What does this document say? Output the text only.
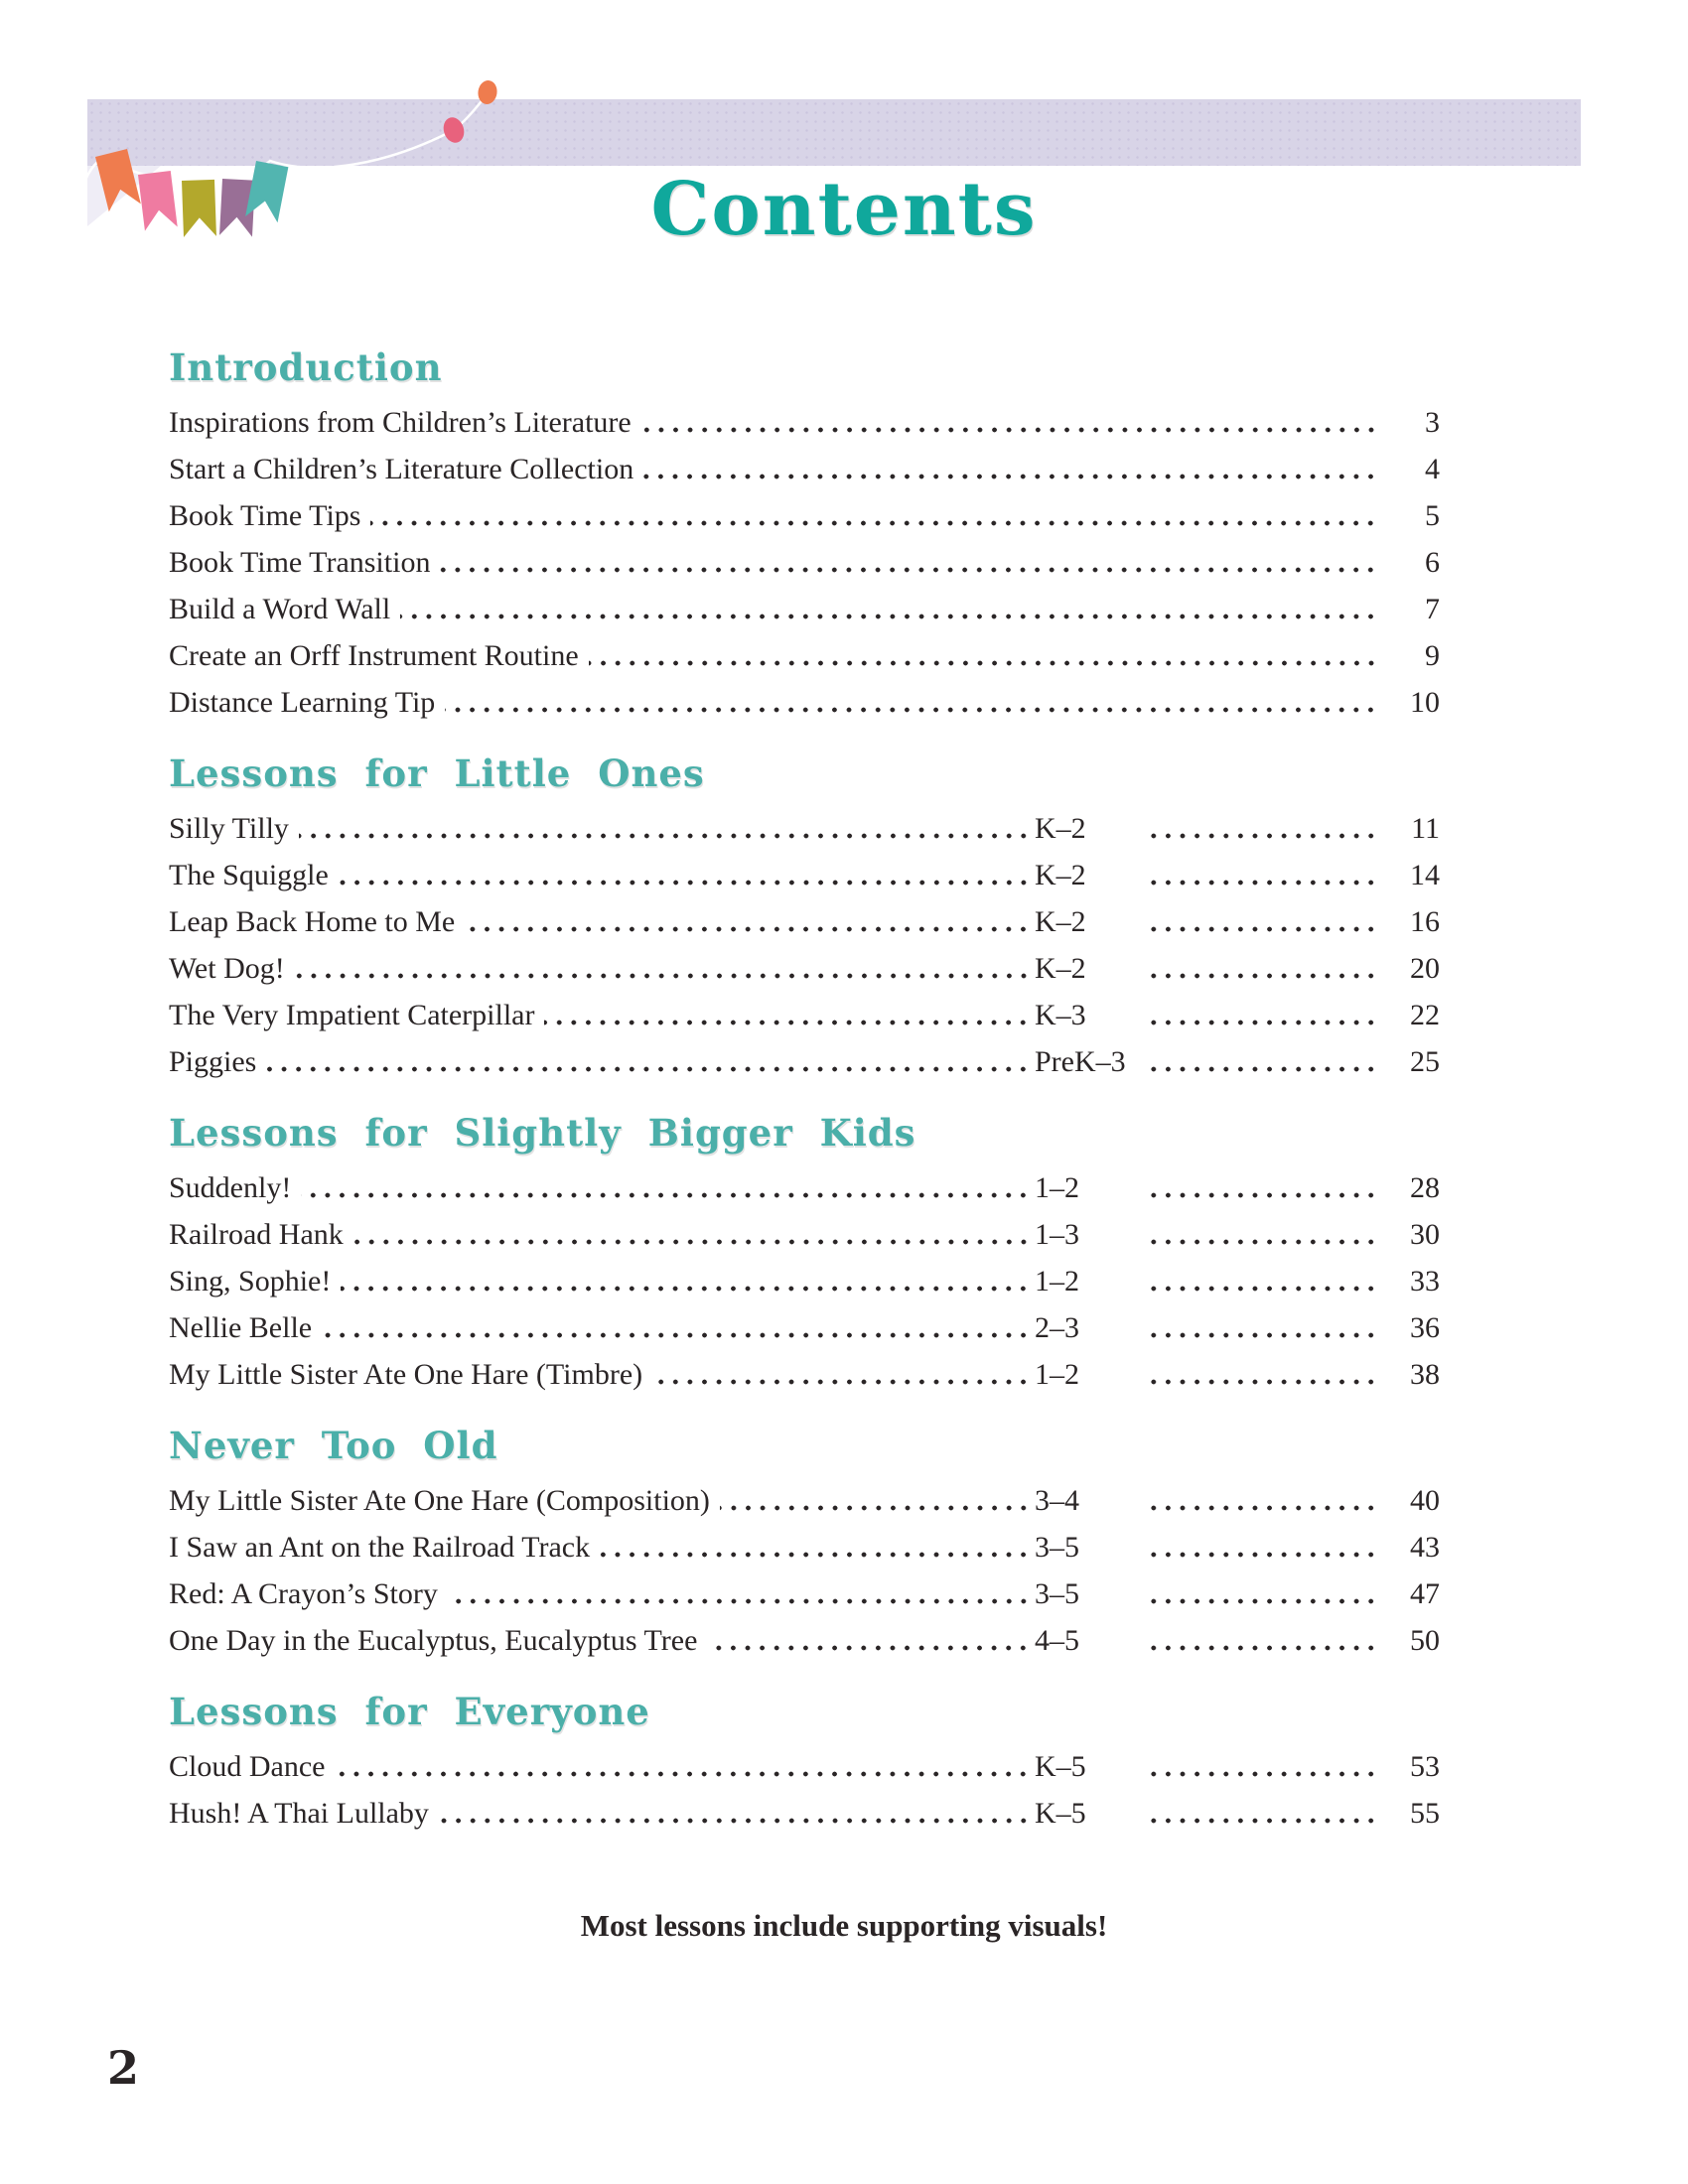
Contents
Introduction
Inspirations from Children’s Literature	3
Start a Children’s Literature Collection	4
Book Time Tips	5
Book Time Transition	6
Build a Word Wall	7
Create an Orff Instrument Routine	9
Distance Learning Tip	10
Lessons for Little Ones
Silly Tilly	K–2	11
The Squiggle	K–2	14
Leap Back Home to Me	K–2	16
Wet Dog!	K–2	20
The Very Impatient Caterpillar	K–3	22
Piggies	PreK–3	25
Lessons for Slightly Bigger Kids
Suddenly!	1–2	28
Railroad Hank	1–3	30
Sing, Sophie!	1–2	33
Nellie Belle	2–3	36
My Little Sister Ate One Hare (Timbre)	1–2	38
Never Too Old
My Little Sister Ate One Hare (Composition)	3–4	40
I Saw an Ant on the Railroad Track	3–5	43
Red: A Crayon’s Story	3–5	47
One Day in the Eucalyptus, Eucalyptus Tree	4–5	50
Lessons for Everyone
Cloud Dance	K–5	53
Hush! A Thai Lullaby	K–5	55
Most lessons include supporting visuals!
2
